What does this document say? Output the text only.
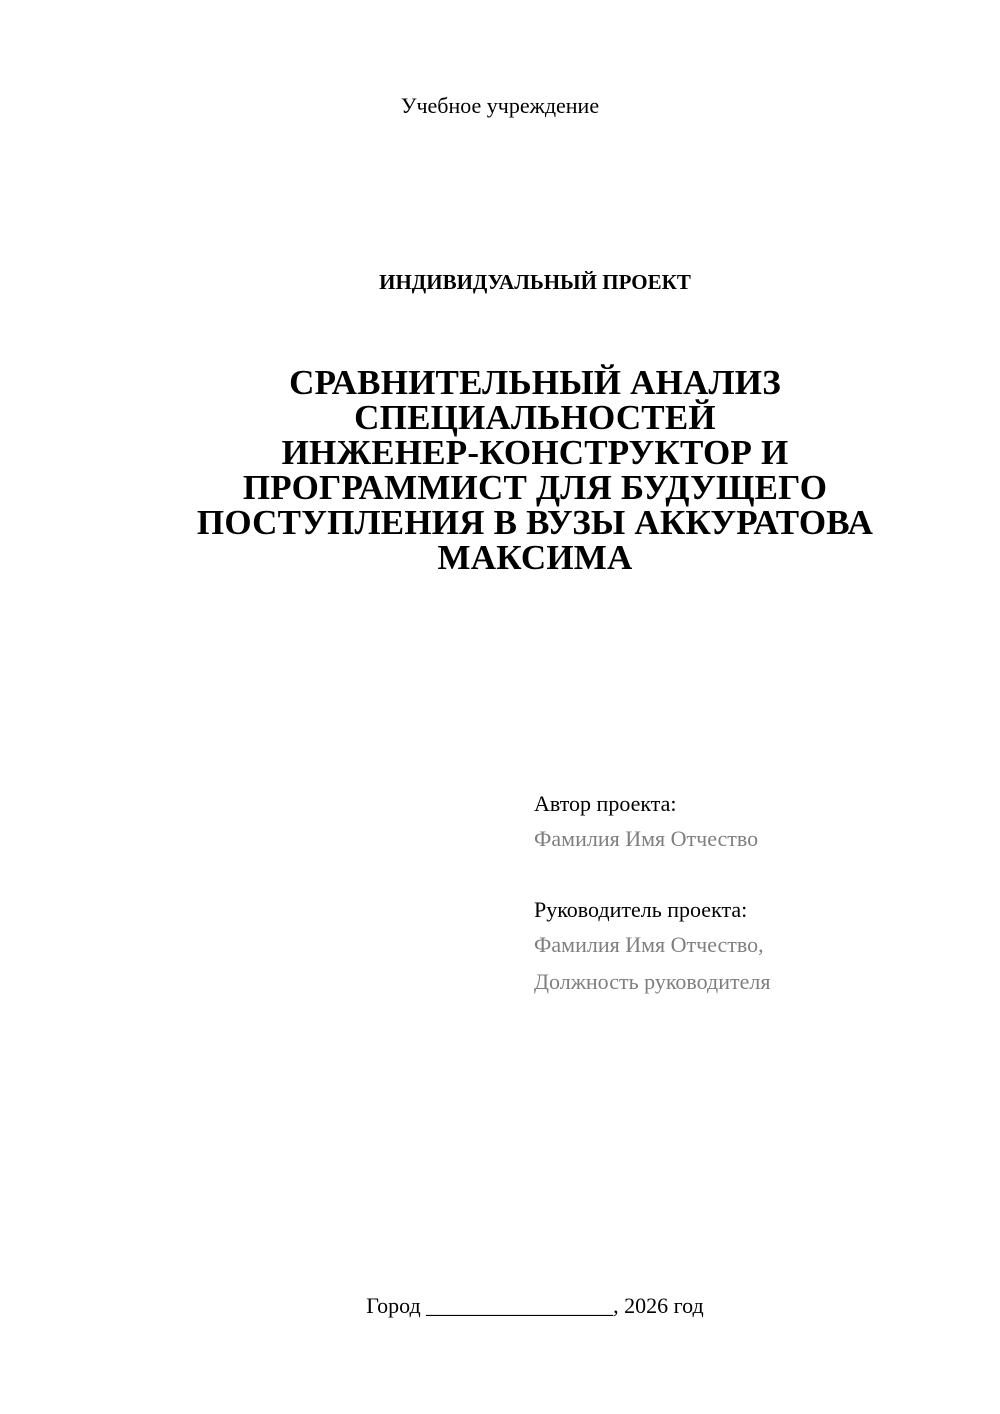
Учебное учреждение
ИНДИВИДУАЛЬНЫЙ ПРОЕКТ
СРАВНИТЕЛЬНЫЙ АНАЛИЗ
СПЕЦИАЛЬНОСТЕЙ
ИНЖЕНЕР-КОНСТРУКТОР И
ПРОГРАММИСТ ДЛЯ БУДУЩЕГО
ПОСТУПЛЕНИЯ В ВУЗЫ АККУРАТОВА
МАКСИМА
Автор проекта:
Фамилия Имя Отчество
Руководитель проекта:
Фамилия Имя Отчество,
Должность руководителя
Город _________________, 2026 год
